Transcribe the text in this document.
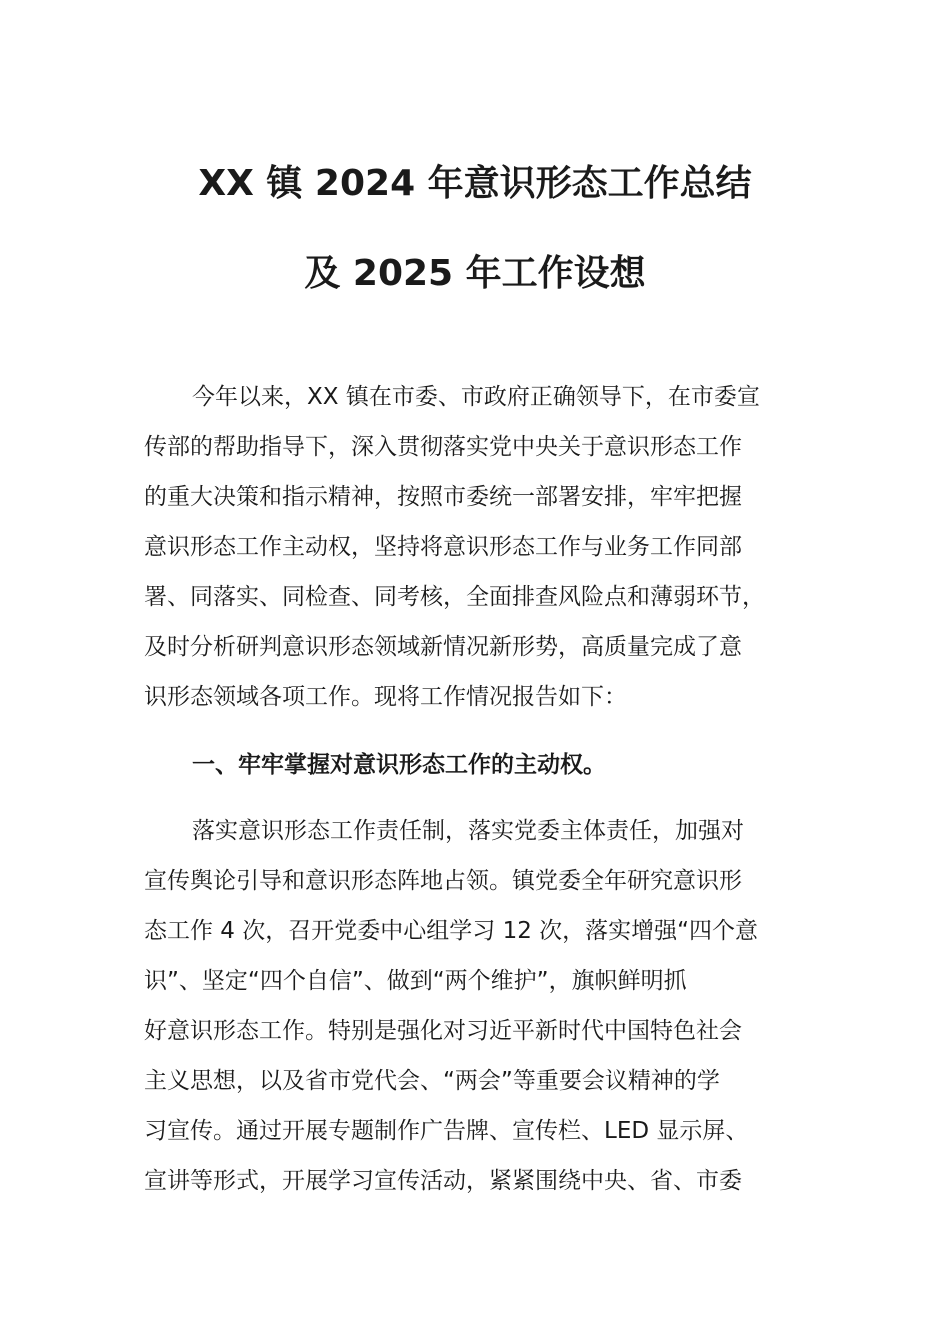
XX 镇 2024 年意识形态工作总结
及 2025 年工作设想
今年以来，XX 镇在市委、市政府正确领导下，在市委宣
传部的帮助指导下，深入贯彻落实党中央关于意识形态工作
的重大决策和指示精神，按照市委统一部署安排，牢牢把握
意识形态工作主动权，坚持将意识形态工作与业务工作同部
署、同落实、同检查、同考核，全面排查风险点和薄弱环节，
及时分析研判意识形态领域新情况新形势，高质量完成了意
识形态领域各项工作。现将工作情况报告如下：
一、牢牢掌握对意识形态工作的主动权。
落实意识形态工作责任制，落实党委主体责任，加强对
宣传舆论引导和意识形态阵地占领。镇党委全年研究意识形
态工作 4 次，召开党委中心组学习 12 次，落实增强“四个意
识”、坚定“四个自信”、做到“两个维护”，旗帜鲜明抓
好意识形态工作。特别是强化对习近平新时代中国特色社会
主义思想，以及省市党代会、“两会”等重要会议精神的学
习宣传。通过开展专题制作广告牌、宣传栏、LED 显示屏、
宣讲等形式，开展学习宣传活动，紧紧围绕中央、省、市委
